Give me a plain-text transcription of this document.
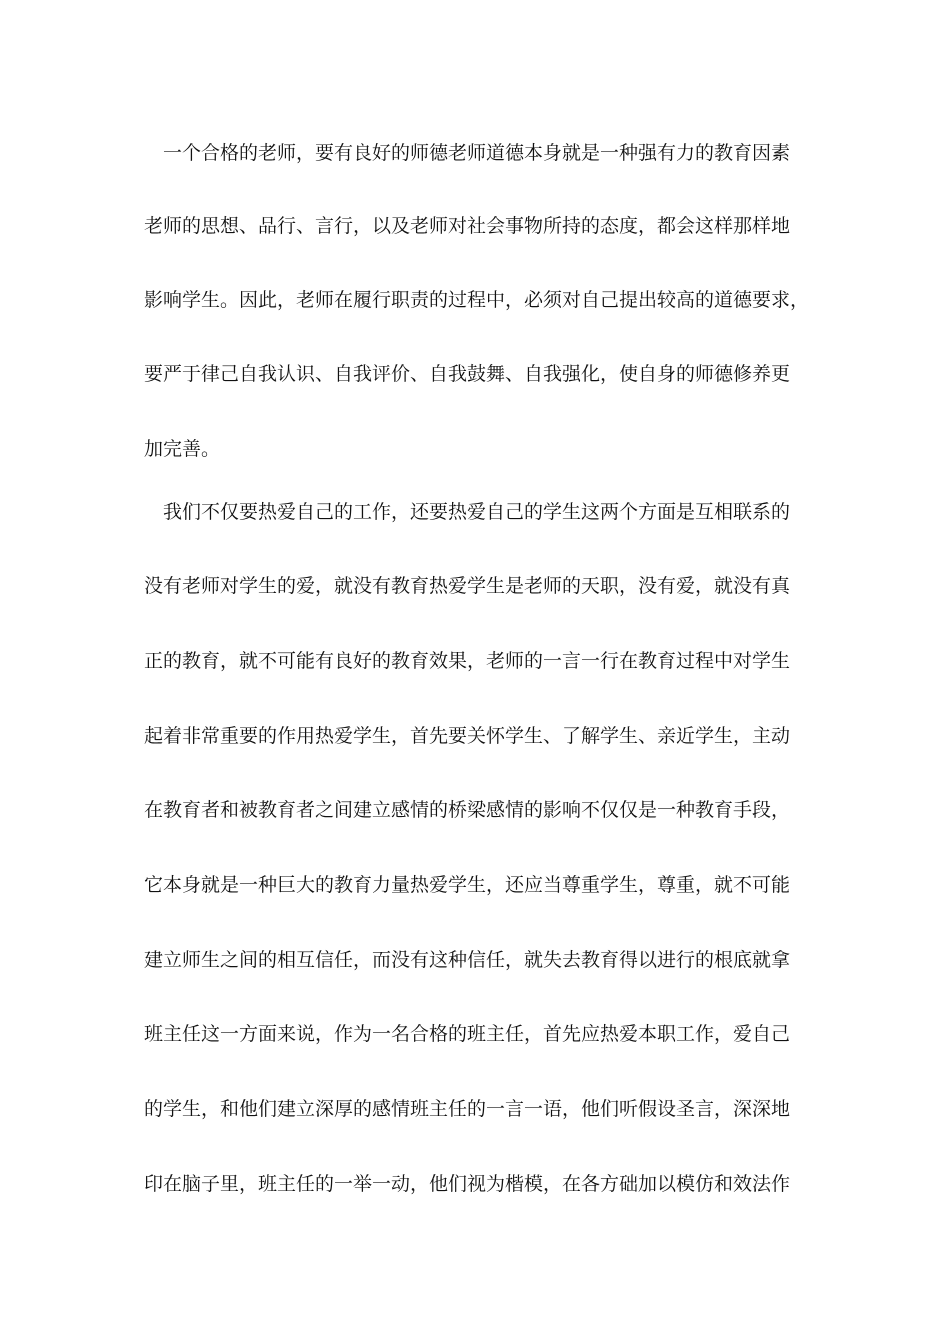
一个合格的老师，要有良好的师德老师道德本身就是一种强有力的教育因素
老师的思想、品行、言行，以及老师对社会事物所持的态度，都会这样那样地
影响学生。因此，老师在履行职责的过程中，必须对自己提出较高的道德要求，
要严于律己自我认识、自我评价、自我鼓舞、自我强化，使自身的师德修养更
加完善。
我们不仅要热爱自己的工作，还要热爱自己的学生这两个方面是互相联系的
没有老师对学生的爱，就没有教育热爱学生是老师的天职，没有爱，就没有真
正的教育，就不可能有良好的教育效果，老师的一言一行在教育过程中对学生
起着非常重要的作用热爱学生，首先要关怀学生、了解学生、亲近学生，主动
在教育者和被教育者之间建立感情的桥梁感情的影响不仅仅是一种教育手段，
它本身就是一种巨大的教育力量热爱学生，还应当尊重学生，尊重，就不可能
建立师生之间的相互信任，而没有这种信任，就失去教育得以进行的根底就拿
班主任这一方面来说，作为一名合格的班主任，首先应热爱本职工作，爱自己
的学生，和他们建立深厚的感情班主任的一言一语，他们听假设圣言，深深地
印在脑子里，班主任的一举一动，他们视为楷模，在各方础加以模仿和效法作
